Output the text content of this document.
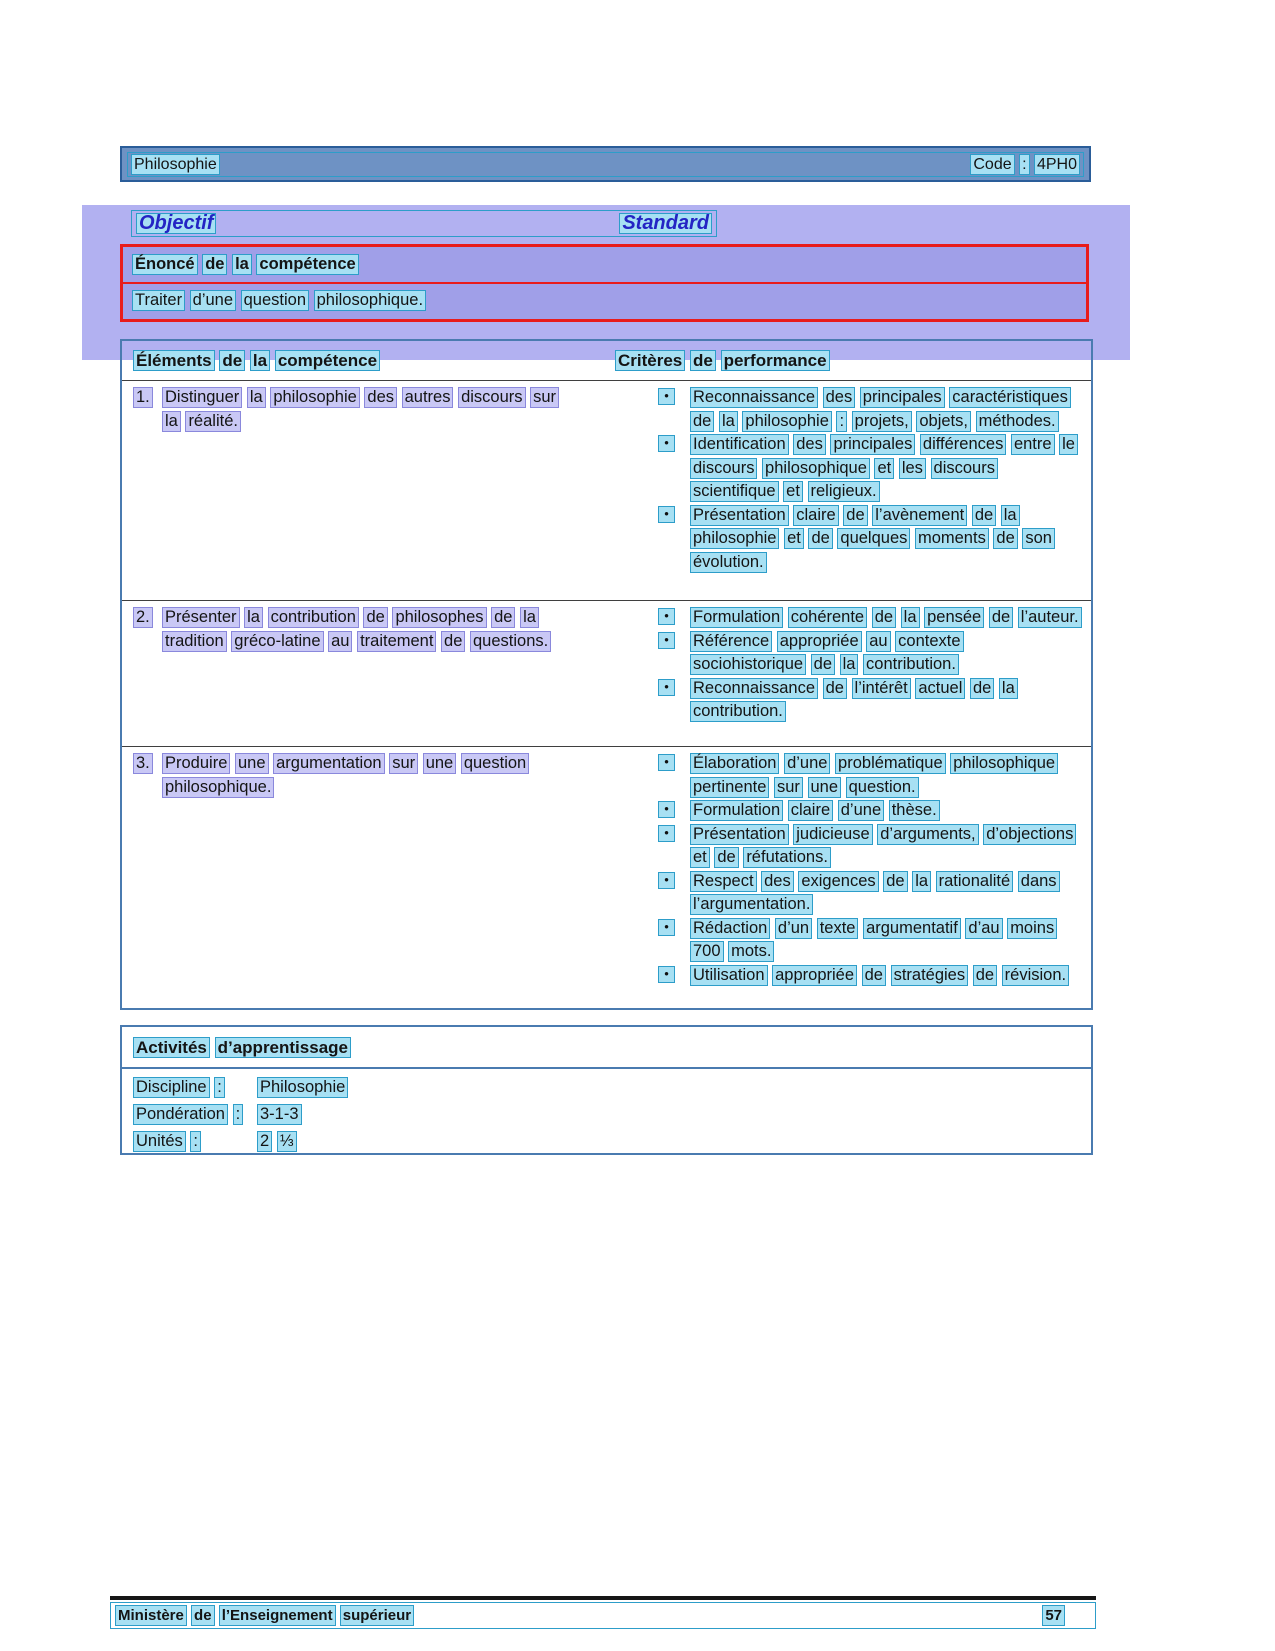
Philosophie	Code : 4PH0
Objectif	Standard
Énoncé de la compétence
Traiter d’une question philosophique.
Éléments de la compétence	Critères de performance
1. Distinguer la philosophie des autres discours sur la réalité.
•	Reconnaissance des principales caractéristiques de la philosophie : projets, objets, méthodes.
•	Identification des principales différences entre le discours philosophique et les discours scientifique et religieux.
•	Présentation claire de l’avènement de la philosophie et de quelques moments de son évolution.
2. Présenter la contribution de philosophes de la tradition gréco-latine au traitement de questions.
•	Formulation cohérente de la pensée de l’auteur.
•	Référence appropriée au contexte sociohistorique de la contribution.
•	Reconnaissance de l’intérêt actuel de la contribution.
3. Produire une argumentation sur une question philosophique.
•	Élaboration d’une problématique philosophique pertinente sur une question.
•	Formulation claire d’une thèse.
•	Présentation judicieuse d’arguments, d’objections et de réfutations.
•	Respect des exigences de la rationalité dans l’argumentation.
•	Rédaction d’un texte argumentatif d’au moins 700 mots.
•	Utilisation appropriée de stratégies de révision.
Activités d’apprentissage
Discipline :	Philosophie
Pondération :	3-1-3
Unités :	2 ⅓
Ministère de l’Enseignement supérieur	57
